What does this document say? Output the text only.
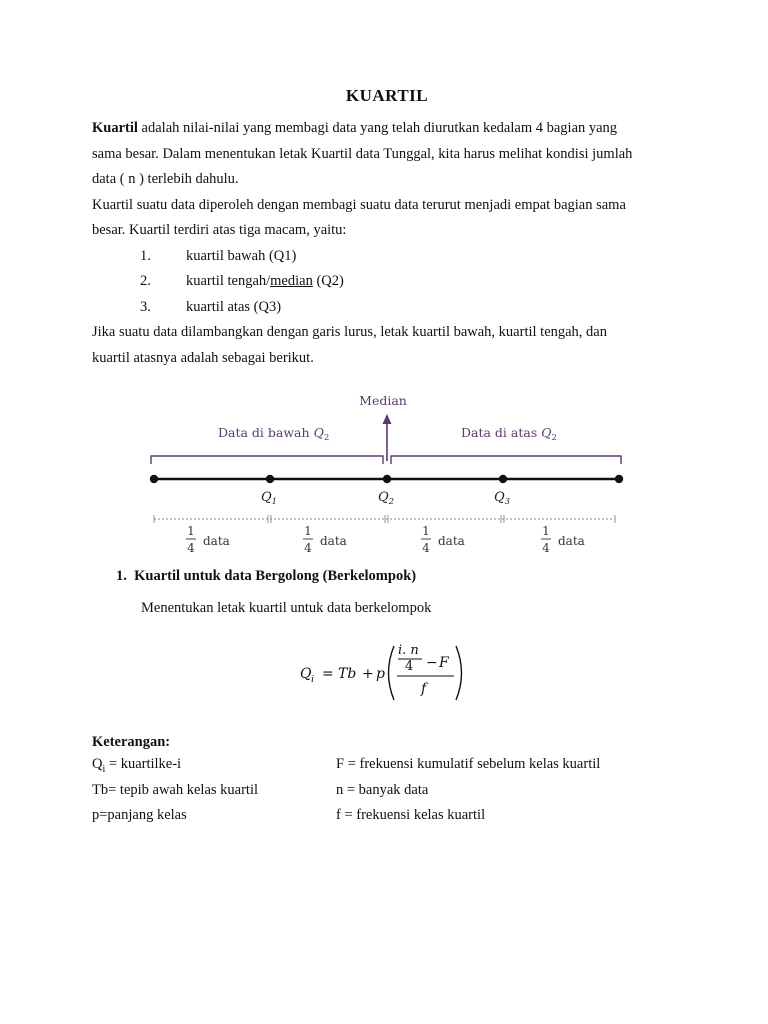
KUARTIL

Kuartil adalah nilai-nilai yang membagi data yang telah diurutkan kedalam 4 bagian yang
sama besar. Dalam menentukan letak Kuartil data Tunggal, kita harus melihat kondisi jumlah
data ( n ) terlebih dahulu.
Kuartil suatu data diperoleh dengan membagi suatu data terurut menjadi empat bagian sama
besar. Kuartil terdiri atas tiga macam, yaitu:

1. kuartil bawah (Q1)
2. kuartil tengah/median (Q2)
3. kuartil atas (Q3)

Jika suatu data dilambangkan dengan garis lurus, letak kuartil bawah, kuartil tengah, dan
kuartil atasnya adalah sebagai berikut.

Median
Data di bawah $Q_2$	Data di atas $Q_2$
$Q_1$	$Q_2$	$Q_3$
1
4 data
1
4 data
1
4 data
1
4 data
1. Kuartil untuk data Bergolong (Berkelompok)
Menentukan letak kuartil untuk data berkelompok
Q i = Tb + p
i. n
4 − F
f
Keterangan:
$Q_i$ = kuartilke-i	F = frekuensi kumulatif sebelum kelas kuartil
Tb= tepib awah kelas kuartil	n = banyak data
p=panjang kelas	f = frekuensi kelas kuartil
